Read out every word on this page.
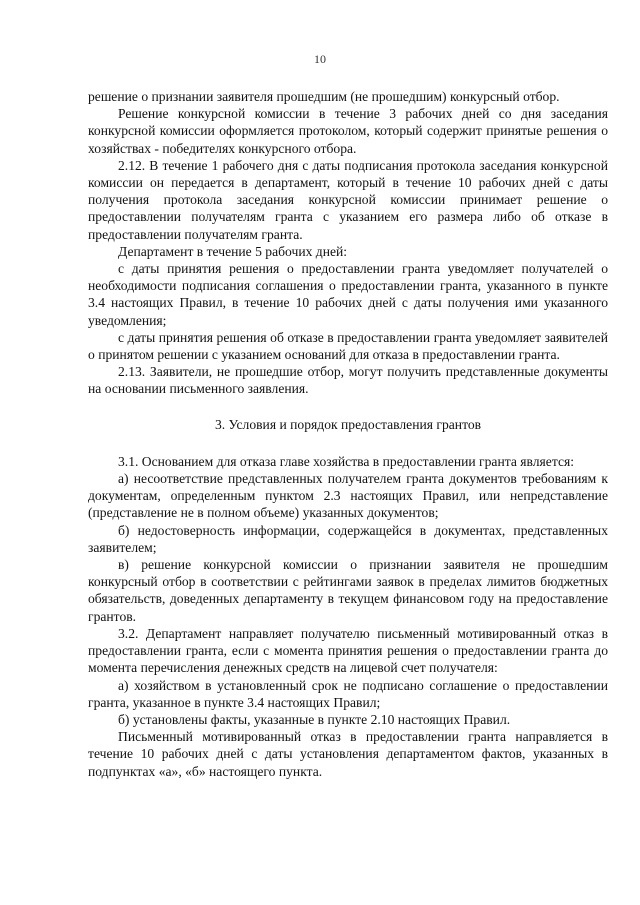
10

решение о признании заявителя прошедшим (не прошедшим) конкурсный отбор.

Решение конкурсной комиссии в течение 3 рабочих дней со дня заседания конкурсной комиссии оформляется протоколом, который содержит принятые решения о хозяйствах - победителях конкурсного отбора.

2.12. В течение 1 рабочего дня с даты подписания протокола заседания конкурсной комиссии он передается в департамент, который в течение 10 рабочих дней с даты получения протокола заседания конкурсной комиссии принимает решение о предоставлении получателям гранта с указанием его размера либо об отказе в предоставлении получателям гранта.

Департамент в течение 5 рабочих дней:

с даты принятия решения о предоставлении гранта уведомляет получателей о необходимости подписания соглашения о предоставлении гранта, указанного в пункте 3.4 настоящих Правил, в течение 10 рабочих дней с даты получения ими указанного уведомления;

с даты принятия решения об отказе в предоставлении гранта уведомляет заявителей о принятом решении с указанием оснований для отказа в предоставлении гранта.

2.13. Заявители, не прошедшие отбор, могут получить представленные документы на основании письменного заявления.

3. Условия и порядок предоставления грантов

3.1. Основанием для отказа главе хозяйства в предоставлении гранта является:

а) несоответствие представленных получателем гранта документов требованиям к документам, определенным пунктом 2.3 настоящих Правил, или непредставление (представление не в полном объеме) указанных документов;

б) недостоверность информации, содержащейся в документах, представленных заявителем;

в) решение конкурсной комиссии о признании заявителя не прошедшим конкурсный отбор в соответствии с рейтингами заявок в пределах лимитов бюджетных обязательств, доведенных департаменту в текущем финансовом году на предоставление грантов.

3.2. Департамент направляет получателю письменный мотивированный отказ в предоставлении гранта, если с момента принятия решения о предоставлении гранта до момента перечисления денежных средств на лицевой счет получателя:

а) хозяйством в установленный срок не подписано соглашение о предоставлении гранта, указанное в пункте 3.4 настоящих Правил;

б) установлены факты, указанные в пункте 2.10 настоящих Правил.

Письменный мотивированный отказ в предоставлении гранта направляется в течение 10 рабочих дней с даты установления департаментом фактов, указанных в подпунктах «а», «б» настоящего пункта.
